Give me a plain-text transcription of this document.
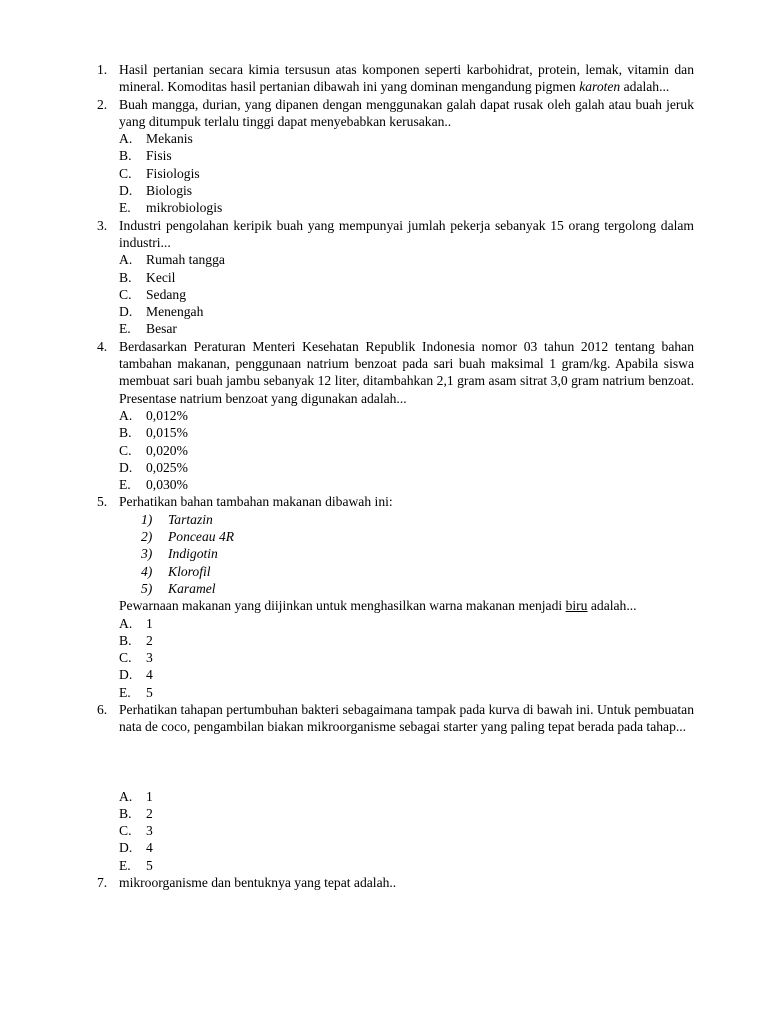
1. Hasil pertanian secara kimia tersusun atas komponen seperti karbohidrat, protein, lemak, vitamin dan mineral. Komoditas hasil pertanian dibawah ini yang dominan mengandung pigmen karoten adalah...
2. Buah mangga, durian, yang dipanen dengan menggunakan galah dapat rusak oleh galah atau buah jeruk yang ditumpuk terlalu tinggi dapat menyebabkan kerusakan..
A. Mekanis
B. Fisis
C. Fisiologis
D. Biologis
E. mikrobiologis
3. Industri pengolahan keripik buah yang mempunyai jumlah pekerja sebanyak 15 orang tergolong dalam industri...
A. Rumah tangga
B. Kecil
C. Sedang
D. Menengah
E. Besar
4. Berdasarkan Peraturan Menteri Kesehatan Republik Indonesia nomor 03 tahun 2012 tentang bahan tambahan makanan, penggunaan natrium benzoat pada sari buah maksimal 1 gram/kg. Apabila siswa membuat sari buah jambu sebanyak 12 liter, ditambahkan 2,1 gram asam sitrat 3,0 gram natrium benzoat. Presentase natrium benzoat yang digunakan adalah...
A. 0,012%
B. 0,015%
C. 0,020%
D. 0,025%
E. 0,030%
5. Perhatikan bahan tambahan makanan dibawah ini:
1) Tartazin
2) Ponceau 4R
3) Indigotin
4) Klorofil
5) Karamel
Pewarnaan makanan yang diijinkan untuk menghasilkan warna makanan menjadi biru adalah...
A. 1
B. 2
C. 3
D. 4
E. 5
6. Perhatikan tahapan pertumbuhan bakteri sebagaimana tampak pada kurva di bawah ini. Untuk pembuatan nata de coco, pengambilan biakan mikroorganisme sebagai starter yang paling tepat berada pada tahap...
A. 1
B. 2
C. 3
D. 4
E. 5
7. mikroorganisme dan bentuknya yang tepat adalah..
